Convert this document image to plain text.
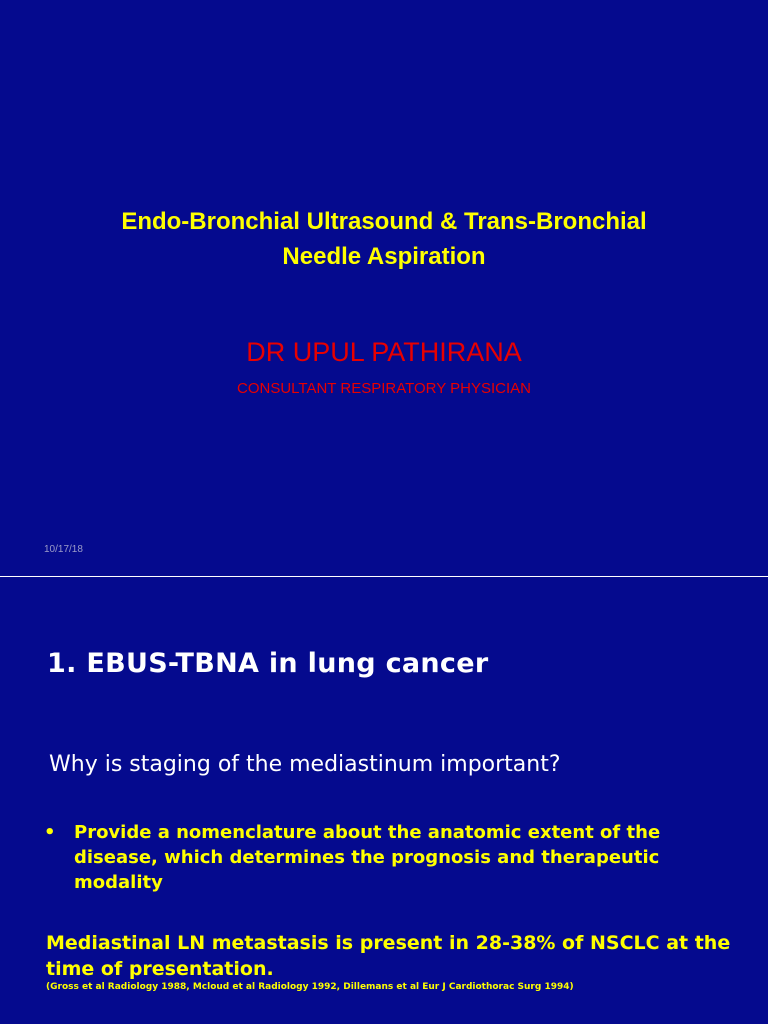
Endo-Bronchial Ultrasound & Trans-Bronchial
Needle Aspiration
DR UPUL PATHIRANA
CONSULTANT RESPIRATORY PHYSICIAN
10/17/18
1. EBUS-TBNA in lung cancer
Why is staging of the mediastinum important?
•	Provide a nomenclature about the anatomic extent of the disease, which determines the prognosis and therapeutic modality
Mediastinal LN metastasis is present in 28-38% of NSCLC at the time of presentation.
(Gross et al Radiology 1988, Mcloud et al Radiology 1992, Dillemans et al Eur J Cardiothorac Surg 1994)
